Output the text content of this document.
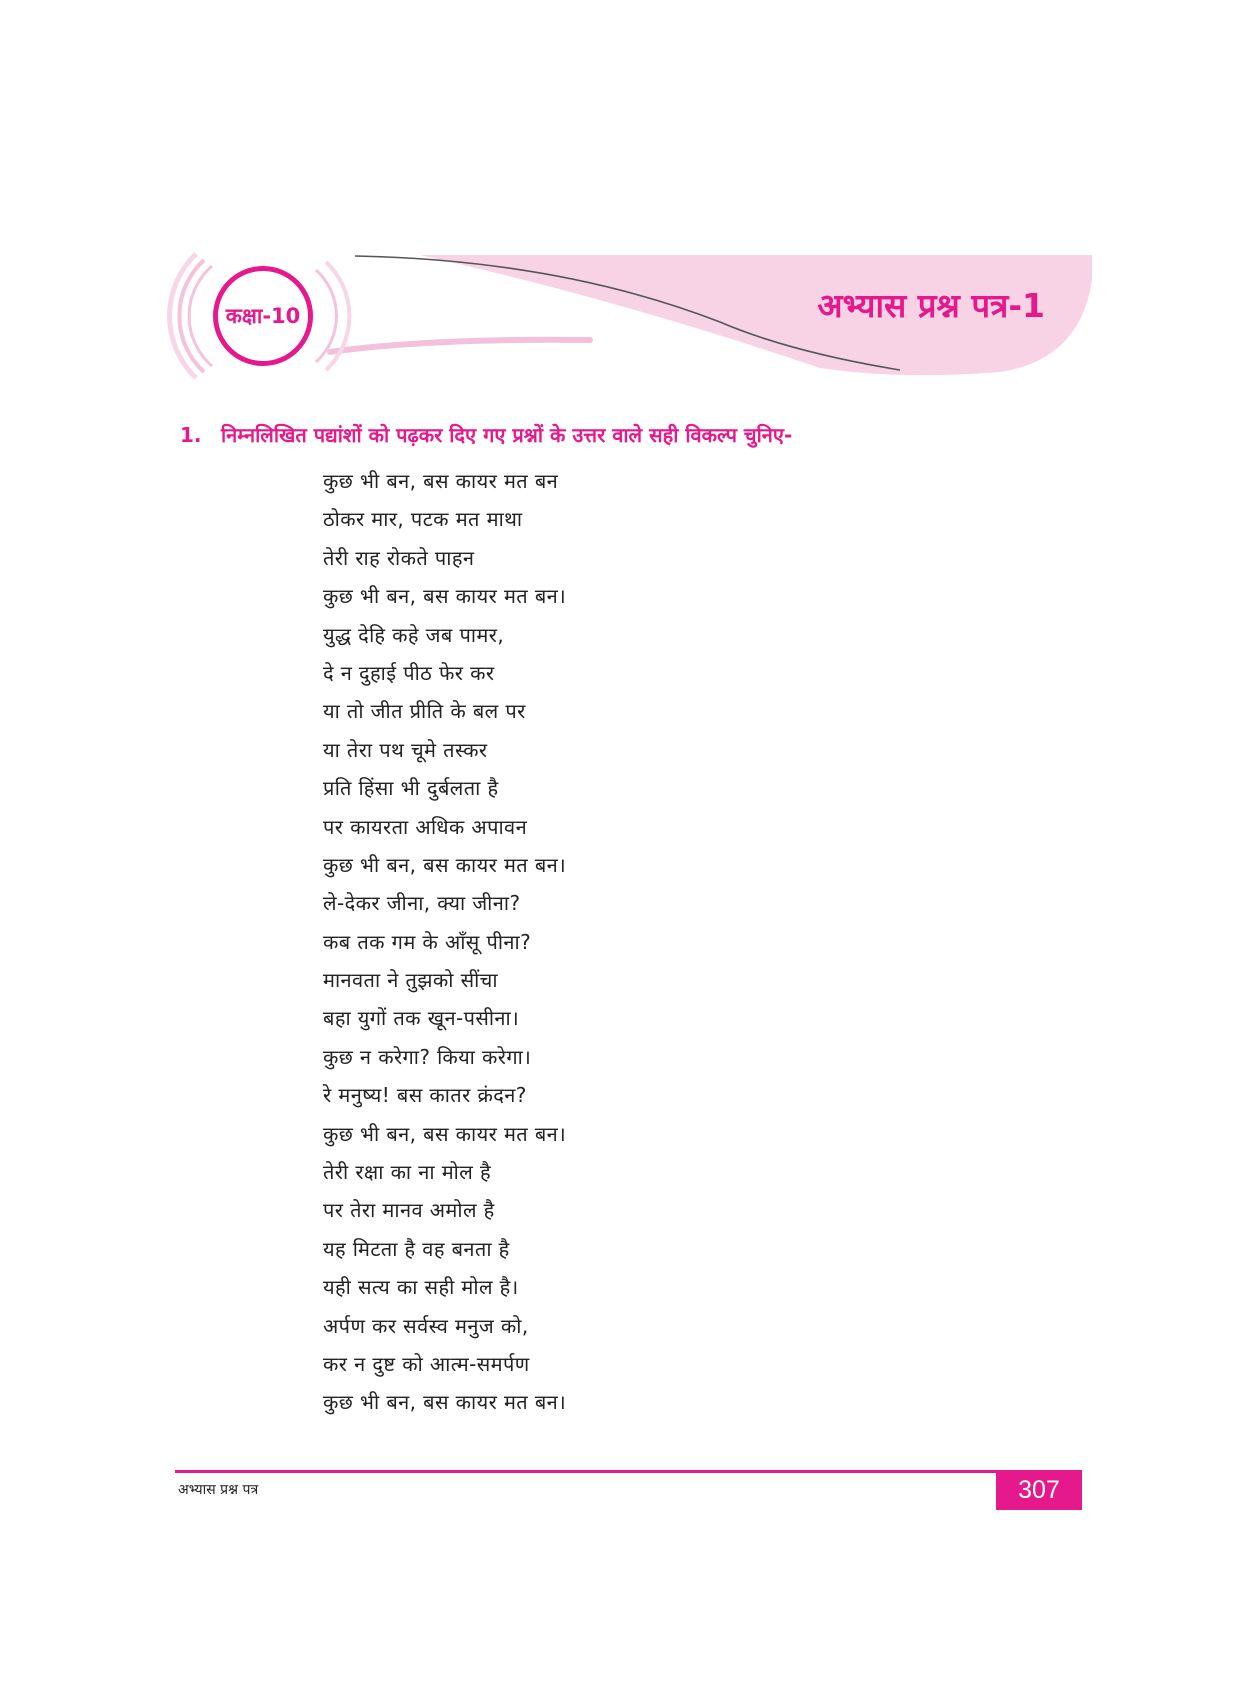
कक्षा-10	अभ्यास प्रश्न पत्र-1
1. निम्नलिखित पद्यांशों को पढ़कर दिए गए प्रश्नों के उत्तर वाले सही विकल्प चुनिए-
कुछ भी बन, बस कायर मत बन
ठोकर मार, पटक मत माथा
तेरी राह रोकते पाहन
कुछ भी बन, बस कायर मत बन।
युद्ध देहि कहे जब पामर,
दे न दुहाई पीठ फेर कर
या तो जीत प्रीति के बल पर
या तेरा पथ चूमे तस्कर
प्रति हिंसा भी दुर्बलता है
पर कायरता अधिक अपावन
कुछ भी बन, बस कायर मत बन।
ले-देकर जीना, क्या जीना?
कब तक गम के आँसू पीना?
मानवता ने तुझको सींचा
बहा युगों तक खून-पसीना।
कुछ न करेगा? किया करेगा।
रे मनुष्य! बस कातर क्रंदन?
कुछ भी बन, बस कायर मत बन।
तेरी रक्षा का ना मोल है
पर तेरा मानव अमोल है
यह मिटता है वह बनता है
यही सत्य का सही मोल है।
अर्पण कर सर्वस्व मनुज को,
कर न दुष्ट को आत्म-समर्पण
कुछ भी बन, बस कायर मत बन।
अभ्यास प्रश्न पत्र	307
